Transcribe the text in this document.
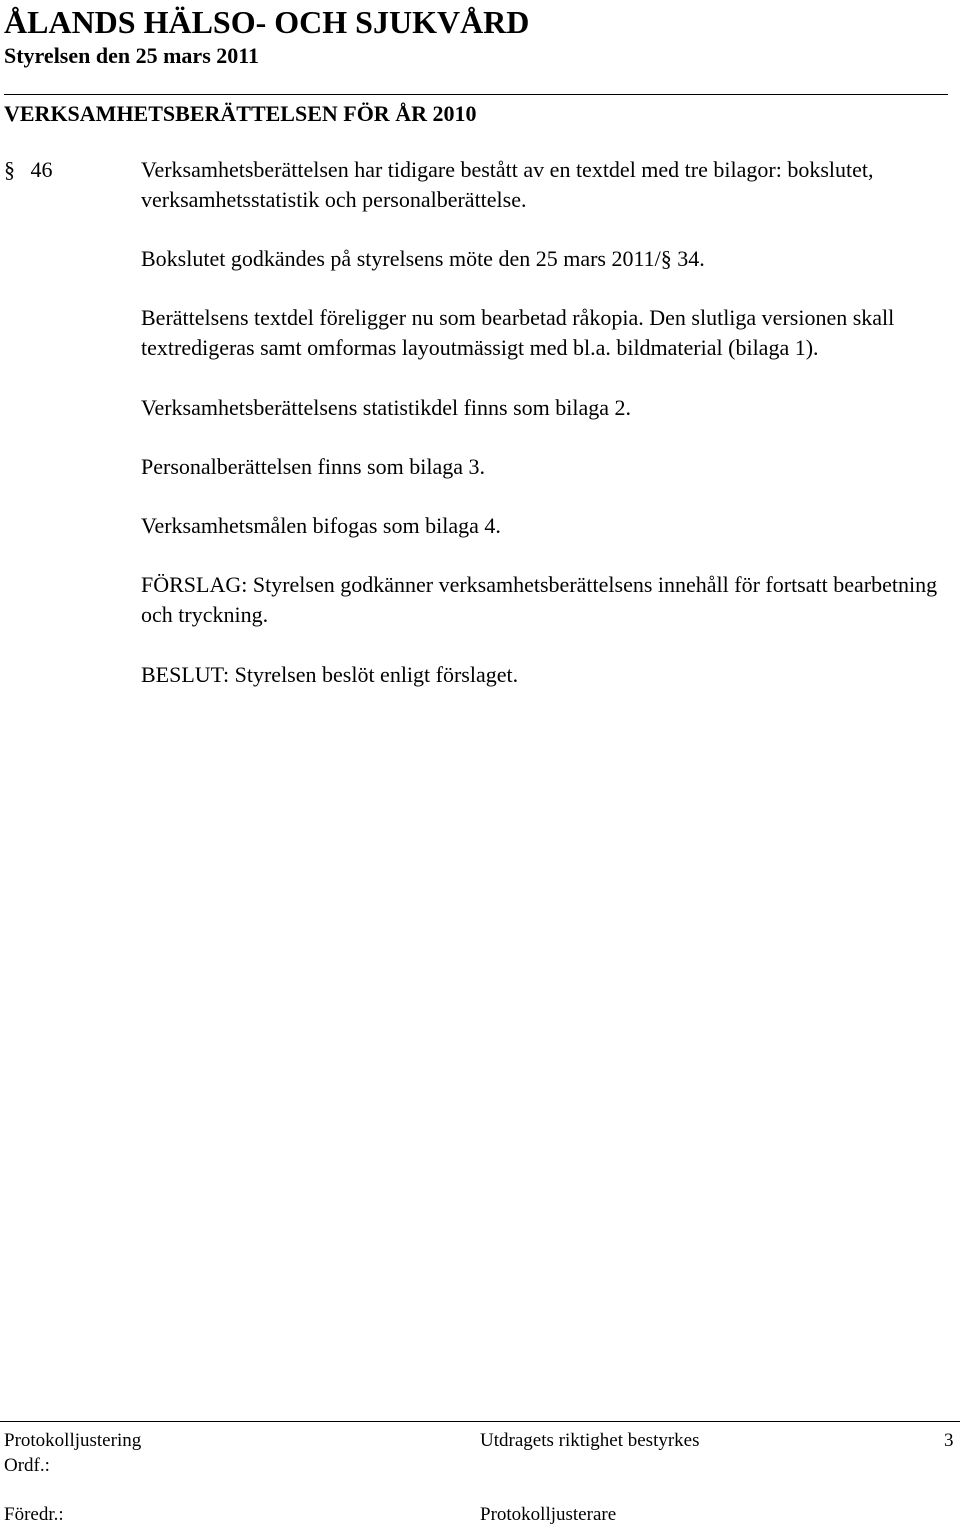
ÅLANDS HÄLSO- OCH SJUKVÅRD
Styrelsen den 25 mars 2011
VERKSAMHETSBERÄTTELSEN FÖR ÅR 2010
§ 46	Verksamhetsberättelsen har tidigare bestått av en textdel med tre bilagor: bokslutet, verksamhetsstatistik och personalberättelse.

Bokslutet godkändes på styrelsens möte den 25 mars 2011/§ 34.

Berättelsens textdel föreligger nu som bearbetad råkopia. Den slutliga versionen skall textredigeras samt omformas layoutmässigt med bl.a. bildmaterial (bilaga 1).

Verksamhetsberättelsens statistikdel finns som bilaga 2.

Personalberättelsen finns som bilaga 3.

Verksamhetsmålen bifogas som bilaga 4.

FÖRSLAG: Styrelsen godkänner verksamhetsberättelsens innehåll för fortsatt bearbetning och tryckning.

BESLUT: Styrelsen beslöt enligt förslaget.

Protokolljustering	Utdragets riktighet bestyrkes	3
Ordf.:
Föredr.:	Protokolljusterare
